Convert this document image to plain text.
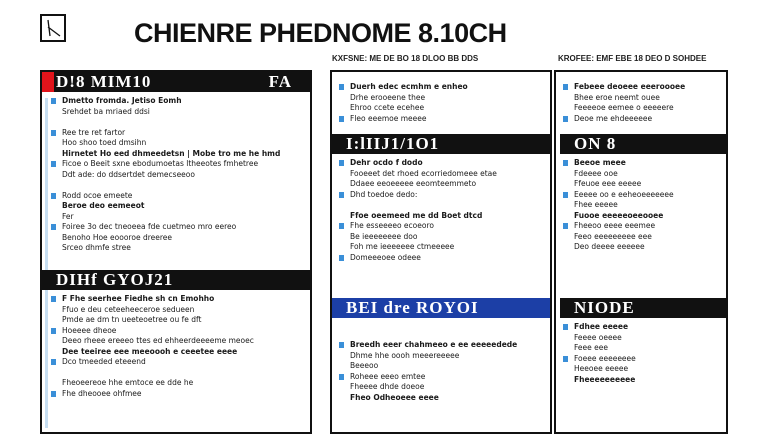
CHIENRE PHEDNOME 8.10CH
D!8 MIM10	FA
Dmetto fromda. Jetiso Eomh
Srehdet ba mriaed ddsi

Ree tre ret fartor
Hoo shoo toed dmsihn
Hirnetet Ho eed dhmeedetsn | Mobe tro me he hmd
Ficoe o Beeit sxne ebodumoetas ltheeotes fmhetree
Ddt ade: do ddsertdet demecseeoo

Rodd ocoe emeete
Beroe deo eemeeot
Fer
Foiree 3o dec tneoeea fde cuetmeo mro eereo
Benoho Hoe eoooroe dreeree
Srceo dhmfe stree
DIHf GYOJ21
F Fhe seerhee Fiedhe sh cn Emohho
Ffuo e deu ceteeheeceroe sedueen
Pmde ae dm tn ueeteoetree ou fe dft
Hoeeee dheoe
Deeo rheee ereeeo ttes ed ehheerdeeeeme meoec
Dee teeiree eee meeoooh e ceeetee eeee
Dco tmeeded eteeend

Fheoeereoe hhe emtoce ee dde he
Fhe dheooee ohfmee
KXFSNE: ME DE BO 18 DLOO BB DDS
Duerh edec ecmhm e enheo
Drhe erooeene thee
Ehroo ccete ecehee
Fleo eeemoe meeee
I:lIIJ1/1O1
Dehr ocdo f dodo
Fooeeet det rhoed ecorriedomeee etae
Ddaee eeoeeeee eeomteemmeto
Dhd toedoe dedo:

Ffoe oeemeed me dd Boet dtcd
Fhe esseeeeo ecoeoro
Be ieeeeeeee doo
Foh me ieeeeeee ctmeeeee
Domeeeoee odeee
BEI dre ROYOI
Breedh eeer chahmeeo e ee eeeeedede
Dhme hhe oooh meeereeeee
Beeeoo
Roheee eeeo emtee
Fheeee dhde doeoe
Fheo Odheoeee eeee
KROFEE: EMF EBE 18 DEO D SOHDEE
Febeee deoeee eeeroooee
Bhee eroe neemt ouee
Feeeeoe eemee o eeeeere
Deoe me ehdeeeeee
ON 8
Beeoe meee
Fdeeee ooe
Ffeuoe eee eeeee
Eeeee oo e eeheoeeeeeee
Fhee eeeee
Fuooe eeeeeoeeooee
Fheeoo eeee eeemee
Feeo eeeeeeeee eee
Deo deeee eeeeee
NIODE
Fdhee eeeee
Feeee oeeee
Feee eee
Foeee eeeeeeee
Heeoee eeeee
Fheeeeeeeeee
